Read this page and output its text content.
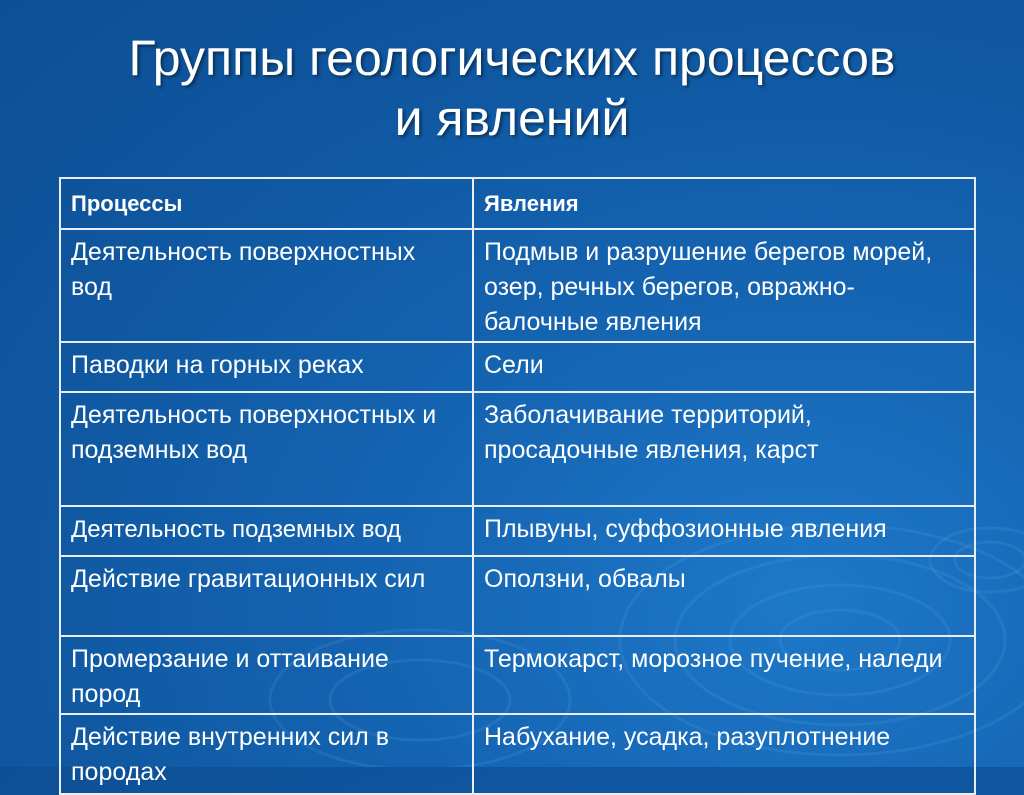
Группы геологических процессов
и явлений
Процессы	Явления
Деятельность поверхностных вод	Подмыв и разрушение берегов морей, озер, речных берегов, овражно-балочные явления
Паводки на горных реках	Сели
Деятельность поверхностных и подземных вод	Заболачивание территорий, просадочные явления, карст
Деятельность подземных вод	Плывуны, суффозионные явления
Действие гравитационных сил	Оползни, обвалы
Промерзание и оттаивание пород	Термокарст, морозное пучение, наледи
Действие внутренних сил в породах	Набухание, усадка, разуплотнение
